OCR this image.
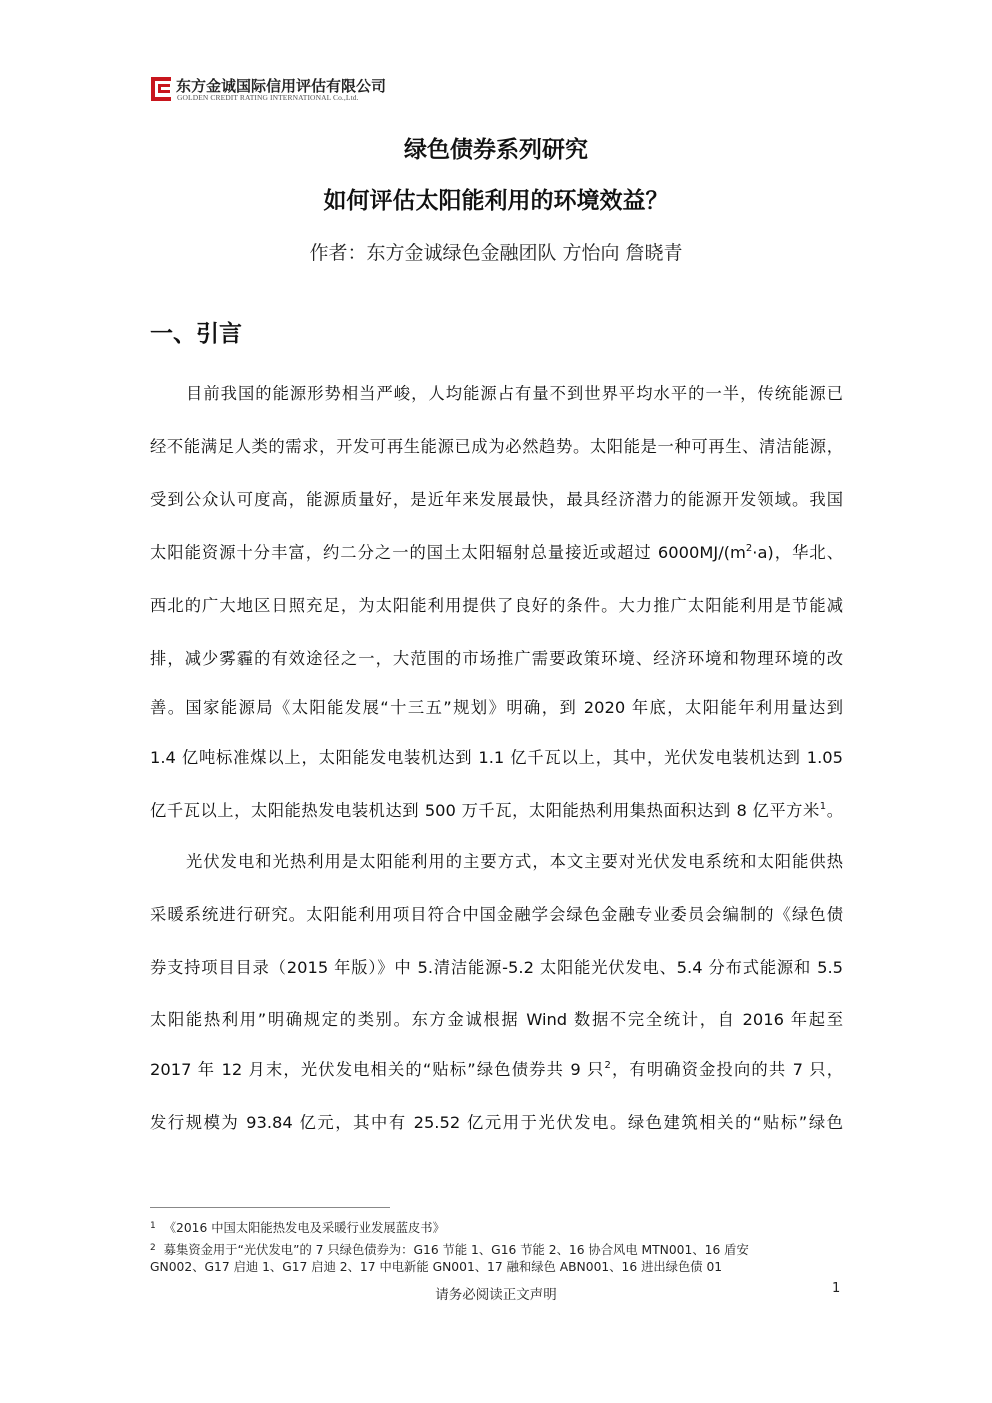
东方金诚国际信用评估有限公司
GOLDEN CREDIT RATING INTERNATIONAL Co.,Ltd.
绿色债券系列研究
如何评估太阳能利用的环境效益？
作者：东方金诚绿色金融团队 方怡向 詹晓青
一、引言
目前我国的能源形势相当严峻，人均能源占有量不到世界平均水平的一半，传统能源已
经不能满足人类的需求，开发可再生能源已成为必然趋势。太阳能是一种可再生、清洁能源，
受到公众认可度高，能源质量好，是近年来发展最快，最具经济潜力的能源开发领域。我国
太阳能资源十分丰富，约二分之一的国土太阳辐射总量接近或超过 $6000MJ/(m^2\cdot a)$，华北、
西北的广大地区日照充足，为太阳能利用提供了良好的条件。大力推广太阳能利用是节能减
排，减少雾霾的有效途径之一，大范围的市场推广需要政策环境、经济环境和物理环境的改
善。国家能源局《太阳能发展“十三五”规划》明确，到 2020 年底，太阳能年利用量达到
1.4 亿吨标准煤以上，太阳能发电装机达到 1.1 亿千瓦以上，其中，光伏发电装机达到 1.05
亿千瓦以上，太阳能热发电装机达到 500 万千瓦，太阳能热利用集热面积达到 8 亿平方米$^1$。
光伏发电和光热利用是太阳能利用的主要方式，本文主要对光伏发电系统和太阳能供热
采暖系统进行研究。太阳能利用项目符合中国金融学会绿色金融专业委员会编制的《绿色债
券支持项目目录（2015 年版）》中 5.清洁能源-5.2 太阳能光伏发电、5.4 分布式能源和 5.5
太阳能热利用”明确规定的类别。东方金诚根据 Wind 数据不完全统计，自 2016 年起至
2017 年 12 月末，光伏发电相关的“贴标”绿色债券共 9 只$^2$，有明确资金投向的共 7 只，
发行规模为 93.84 亿元，其中有 25.52 亿元用于光伏发电。绿色建筑相关的“贴标”绿色
$^1$ 《2016 中国太阳能热发电及采暖行业发展蓝皮书》
$^2$ 募集资金用于“光伏发电”的 7 只绿色债券为：G16 节能 1、G16 节能 2、16 协合风电 MTN001、16 盾安
GN002、G17 启迪 1、G17 启迪 2、17 中电新能 GN001、17 融和绿色 ABN001、16 进出绿色债 01
请务必阅读正文声明	1
